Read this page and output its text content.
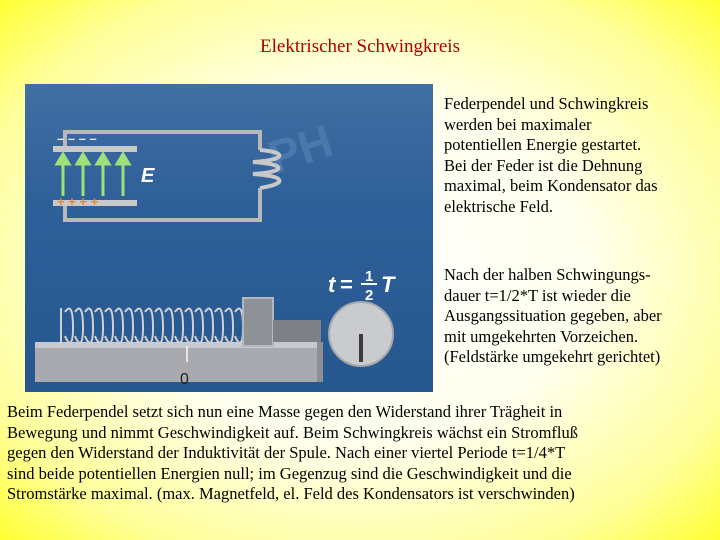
Elektrischer Schwingkreis
PH
– – – –
+ + + +
E
t = 1
2 T
0
Federpendel und Schwingkreis
werden bei maximaler
potentiellen Energie gestartet.
Bei der Feder ist die Dehnung
maximal, beim Kondensator das
elektrische Feld.
Nach der halben Schwingungs-
dauer t=1/2*T ist wieder die
Ausgangssituation gegeben, aber
mit umgekehrten Vorzeichen.
(Feldstärke umgekehrt gerichtet)
Beim Federpendel setzt sich nun eine Masse gegen den Widerstand ihrer Trägheit in
Bewegung und nimmt Geschwindigkeit auf. Beim Schwingkreis wächst ein Stromfluß
gegen den Widerstand der Induktivität der Spule. Nach einer viertel Periode t=1/4*T
sind beide potentiellen Energien null; im Gegenzug sind die Geschwindigkeit und die
Stromstärke maximal. (max. Magnetfeld, el. Feld des Kondensators ist verschwinden)
